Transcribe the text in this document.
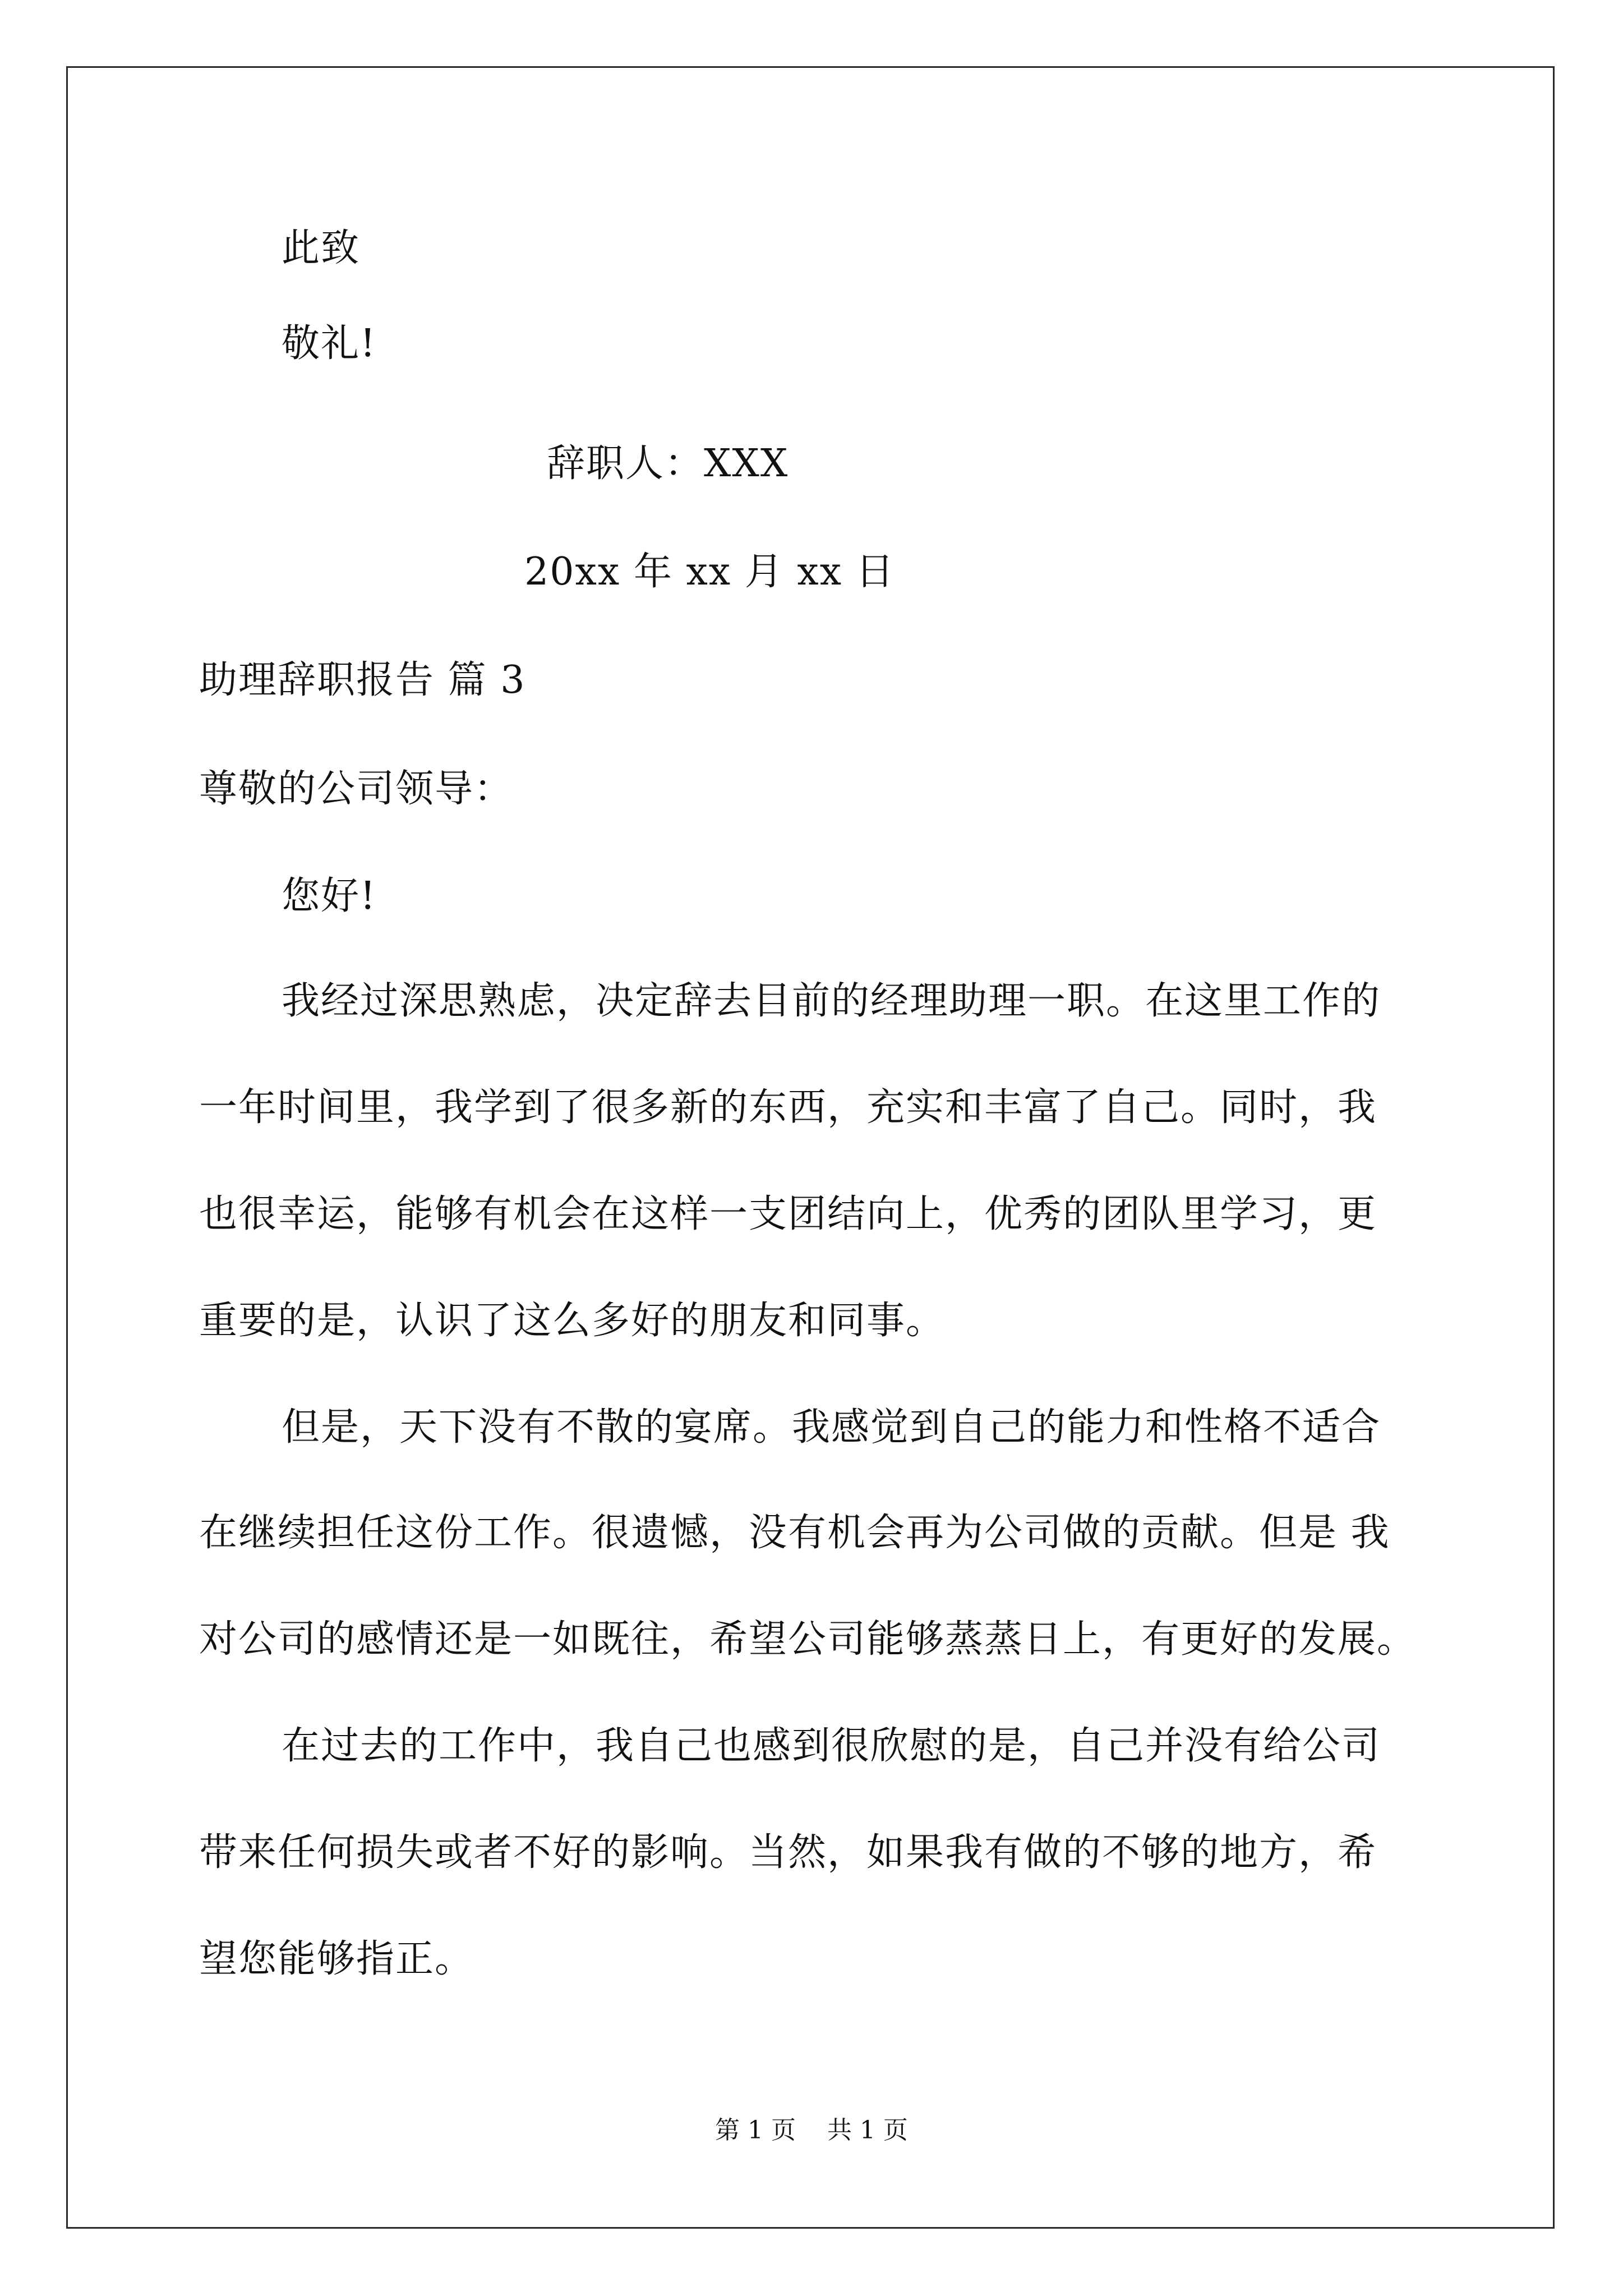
此致
敬礼!
辞职人：XXX
20xx 年 xx 月 xx 日
助理辞职报告 篇 3
尊敬的公司领导：
您好!
我经过深思熟虑，决定辞去目前的经理助理一职。在这里工作的
一年时间里，我学到了很多新的东西，充实和丰富了自己。同时，我
也很幸运，能够有机会在这样一支团结向上，优秀的团队里学习，更
重要的是，认识了这么多好的朋友和同事。
但是，天下没有不散的宴席。我感觉到自己的能力和性格不适合
在继续担任这份工作。很遗憾，没有机会再为公司做的贡献。但是 我
对公司的感情还是一如既往，希望公司能够蒸蒸日上，有更好的发展。
在过去的工作中，我自己也感到很欣慰的是，自己并没有给公司
带来任何损失或者不好的影响。当然，如果我有做的不够的地方，希
望您能够指正。
第 1 页 共 1 页
